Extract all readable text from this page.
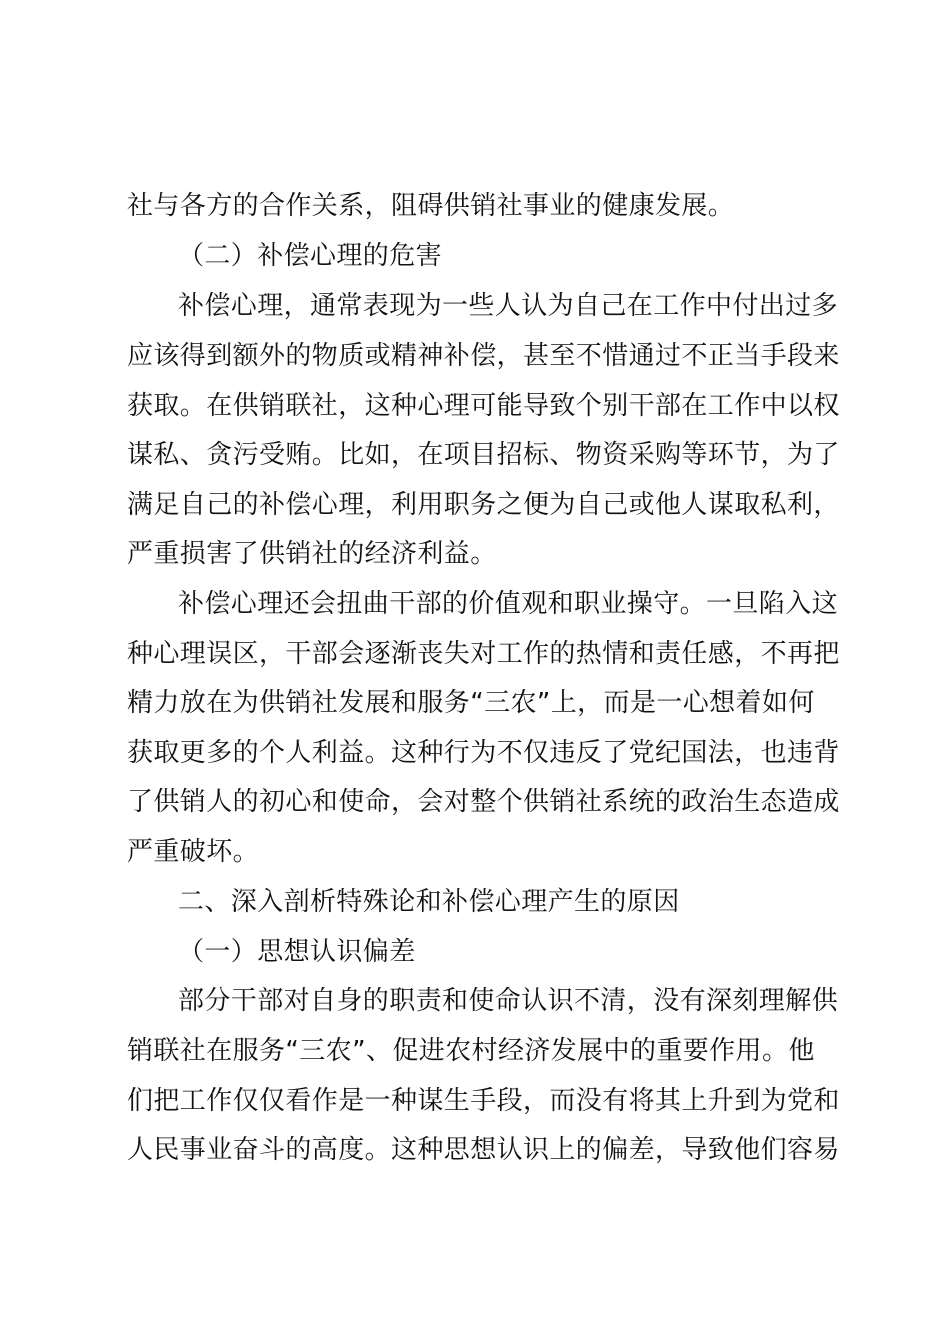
社与各方的合作关系，阻碍供销社事业的健康发展。
（二）补偿心理的危害
补偿心理，通常表现为一些人认为自己在工作中付出过多
应该得到额外的物质或精神补偿，甚至不惜通过不正当手段来
获取。在供销联社，这种心理可能导致个别干部在工作中以权
谋私、贪污受贿。比如，在项目招标、物资采购等环节，为了
满足自己的补偿心理，利用职务之便为自己或他人谋取私利，
严重损害了供销社的经济利益。
补偿心理还会扭曲干部的价值观和职业操守。一旦陷入这
种心理误区，干部会逐渐丧失对工作的热情和责任感，不再把
精力放在为供销社发展和服务“三农”上，而是一心想着如何
获取更多的个人利益。这种行为不仅违反了党纪国法，也违背
了供销人的初心和使命，会对整个供销社系统的政治生态造成
严重破坏。
二、深入剖析特殊论和补偿心理产生的原因
（一）思想认识偏差
部分干部对自身的职责和使命认识不清，没有深刻理解供
销联社在服务“三农”、促进农村经济发展中的重要作用。他
们把工作仅仅看作是一种谋生手段，而没有将其上升到为党和
人民事业奋斗的高度。这种思想认识上的偏差，导致他们容易
